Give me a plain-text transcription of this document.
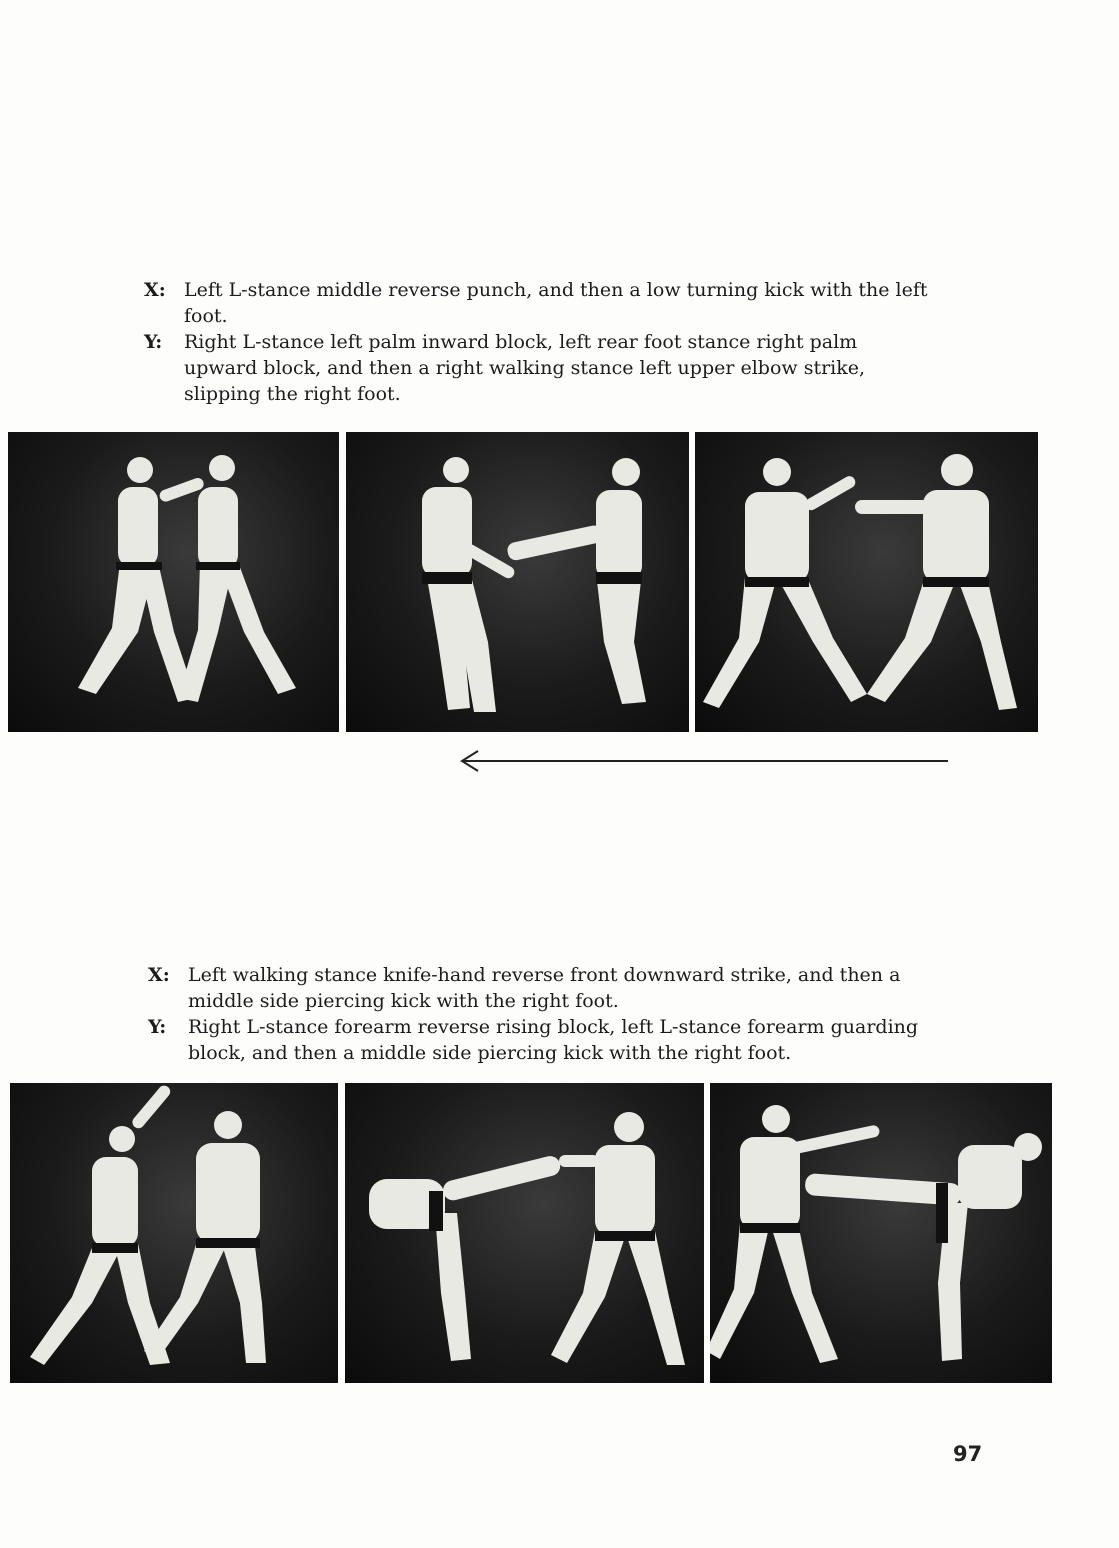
X: Left L-stance middle reverse punch, and then a low turning kick with the left foot.
Y: Right L-stance left palm inward block, left rear foot stance right palm upward block, and then a right walking stance left upper elbow strike, slipping the right foot.
X: Left walking stance knife-hand reverse front downward strike, and then a middle side piercing kick with the right foot.
Y: Right L-stance forearm reverse rising block, left L-stance forearm guarding block, and then a middle side piercing kick with the right foot.
97
